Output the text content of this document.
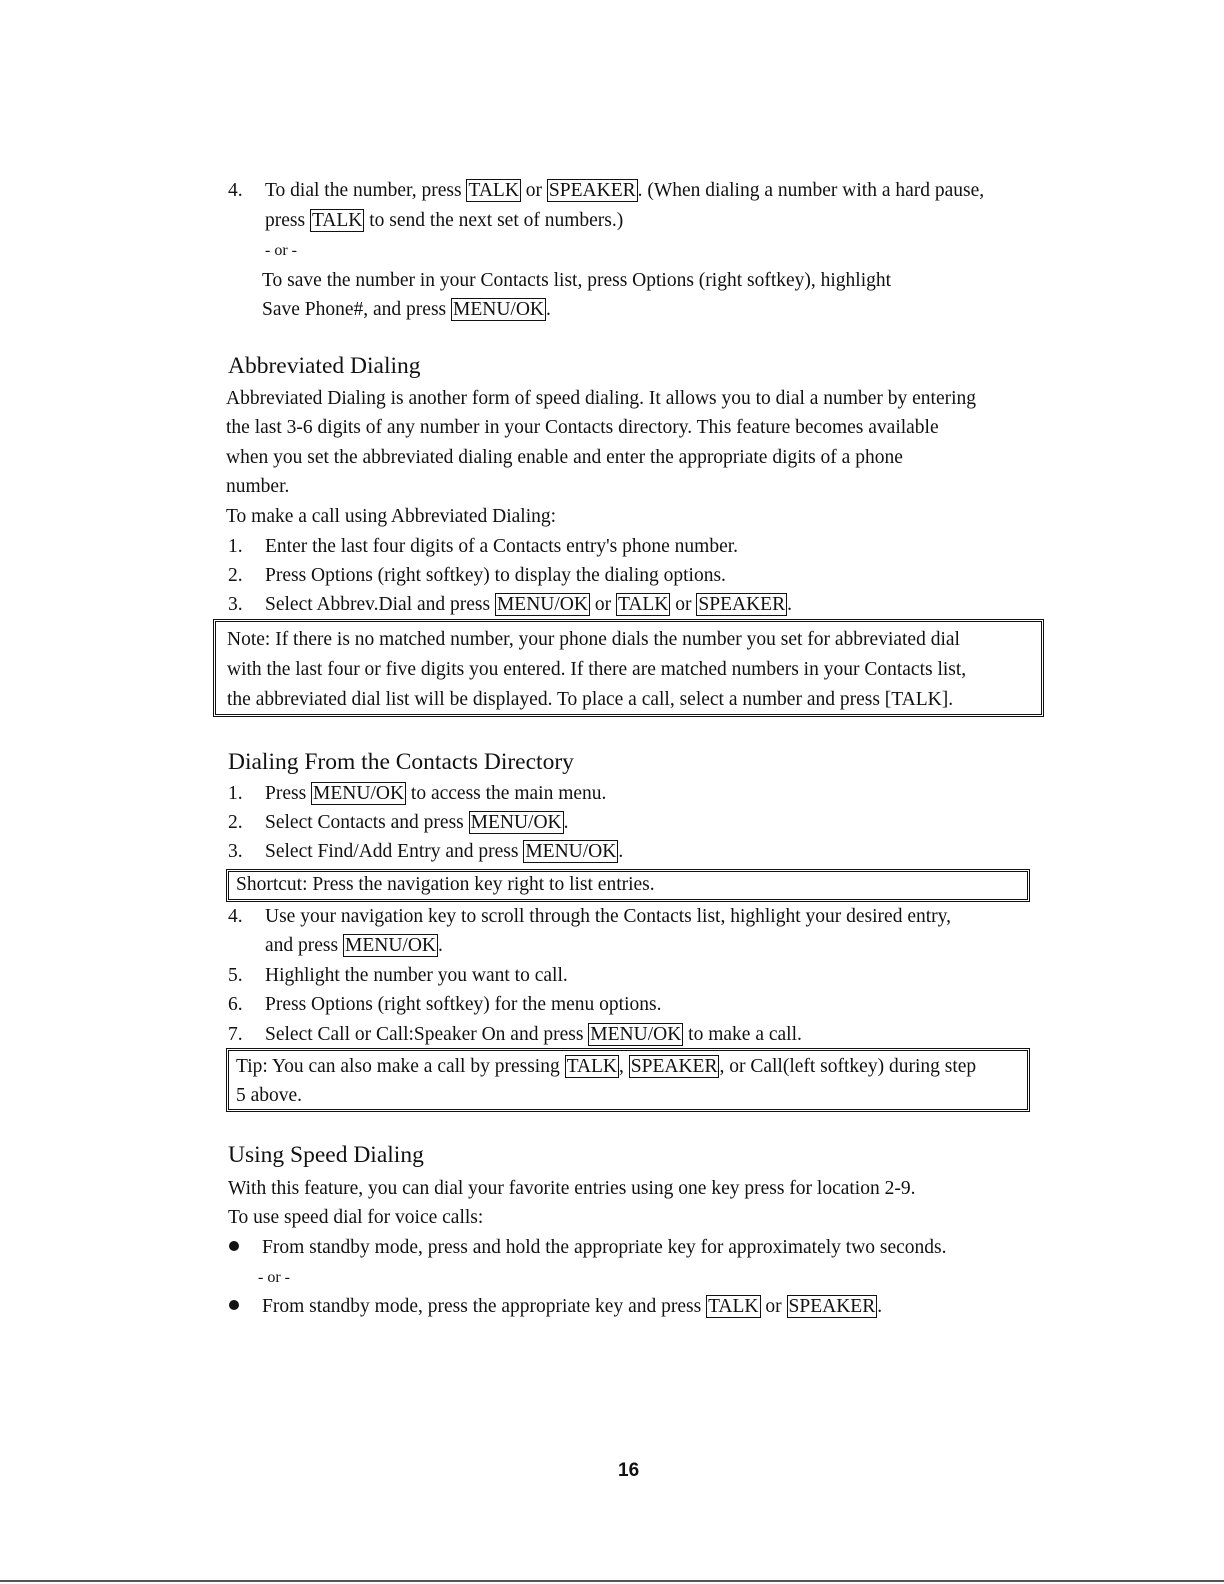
4. To dial the number, press TALK or SPEAKER . (When dialing a number with a hard pause,
press TALK to send the next set of numbers.)
- or -
To save the number in your Contacts list, press Options (right softkey), highlight
Save Phone#, and press MENU/OK .
Abbreviated Dialing
Abbreviated Dialing is another form of speed dialing. It allows you to dial a number by entering
the last 3-6 digits of any number in your Contacts directory. This feature becomes available
when you set the abbreviated dialing enable and enter the appropriate digits of a phone
number.
To make a call using Abbreviated Dialing:
1. Enter the last four digits of a Contacts entry's phone number.
2. Press Options (right softkey) to display the dialing options.
3. Select Abbrev.Dial and press MENU/OK or TALK or SPEAKER .
Note: If there is no matched number, your phone dials the number you set for abbreviated dial
with the last four or five digits you entered. If there are matched numbers in your Contacts list,
the abbreviated dial list will be displayed. To place a call, select a number and press [TALK].
Dialing From the Contacts Directory
1. Press MENU/OK to access the main menu.
2. Select Contacts and press MENU/OK .
3. Select Find/Add Entry and press MENU/OK .
Shortcut: Press the navigation key right to list entries.
4. Use your navigation key to scroll through the Contacts list, highlight your desired entry,
and press MENU/OK .
5. Highlight the number you want to call.
6. Press Options (right softkey) for the menu options.
7. Select Call or Call:Speaker On and press MENU/OK to make a call.
Tip: You can also make a call by pressing TALK , SPEAKER , or Call(left softkey) during step
5 above.
Using Speed Dialing
With this feature, you can dial your favorite entries using one key press for location 2-9.
To use speed dial for voice calls:
From standby mode, press and hold the appropriate key for approximately two seconds.
- or -
From standby mode, press the appropriate key and press TALK or SPEAKER .
16
